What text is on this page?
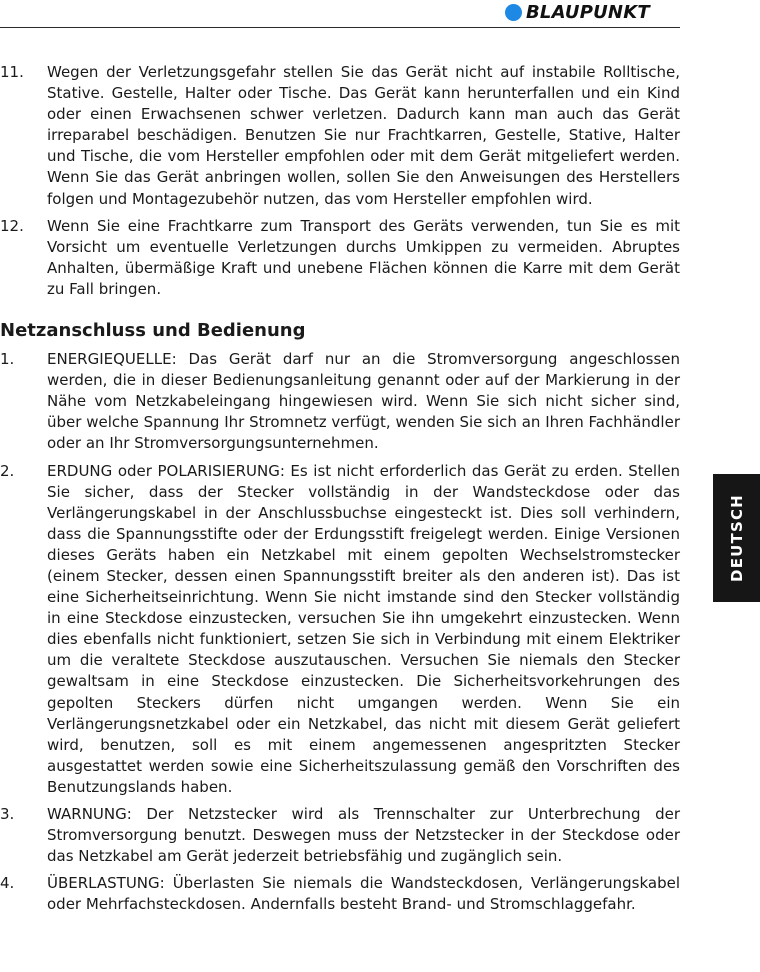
BLAUPUNKT
DEUTSCH
11.	Wegen der Verletzungsgefahr stellen Sie das Gerät nicht auf instabile Rolltische, Stative. Gestelle, Halter oder Tische. Das Gerät kann herunterfallen und ein Kind oder einen Erwachsenen schwer verletzen. Dadurch kann man auch das Gerät irreparabel beschädigen. Benutzen Sie nur Frachtkarren, Gestelle, Stative, Halter und Tische, die vom Hersteller empfohlen oder mit dem Gerät mitgeliefert werden. Wenn Sie das Gerät anbringen wollen, sollen Sie den Anweisungen des Herstellers folgen und Montagezubehör nutzen, das vom Hersteller empfohlen wird.
12.	Wenn Sie eine Frachtkarre zum Transport des Geräts verwenden, tun Sie es mit Vorsicht um eventuelle Verletzungen durchs Umkippen zu vermeiden. Abruptes Anhalten, übermäßige Kraft und unebene Flächen können die Karre mit dem Gerät zu Fall bringen.
Netzanschluss und Bedienung
1.	ENERGIEQUELLE: Das Gerät darf nur an die Stromversorgung angeschlossen werden, die in dieser Bedienungsanleitung genannt oder auf der Markierung in der Nähe vom Netzkabeleingang hingewiesen wird. Wenn Sie sich nicht sicher sind, über welche Spannung Ihr Stromnetz verfügt, wenden Sie sich an Ihren Fachhändler oder an Ihr Stromversorgungsunternehmen.
2.	ERDUNG oder POLARISIERUNG: Es ist nicht erforderlich das Gerät zu erden. Stellen Sie sicher, dass der Stecker vollständig in der Wandsteckdose oder das Verlängerungskabel in der Anschlussbuchse eingesteckt ist. Dies soll verhindern, dass die Spannungsstifte oder der Erdungsstift freigelegt werden. Einige Versionen dieses Geräts haben ein Netzkabel mit einem gepolten Wechselstromstecker (einem Stecker, dessen einen Spannungsstift breiter als den anderen ist). Das ist eine Sicherheitseinrichtung. Wenn Sie nicht imstande sind den Stecker vollständig in eine Steckdose einzustecken, versuchen Sie ihn umgekehrt einzustecken. Wenn dies ebenfalls nicht funktioniert, setzen Sie sich in Verbindung mit einem Elektriker um die veraltete Steckdose auszutauschen. Versuchen Sie niemals den Stecker gewaltsam in eine Steckdose einzustecken. Die Sicherheitsvorkehrungen des gepolten Steckers dürfen nicht umgangen werden. Wenn Sie ein Verlängerungsnetzkabel oder ein Netzkabel, das nicht mit diesem Gerät geliefert wird, benutzen, soll es mit einem angemessenen angespritzten Stecker ausgestattet werden sowie eine Sicherheitszulassung gemäß den Vorschriften des Benutzungslands haben.
3.	WARNUNG: Der Netzstecker wird als Trennschalter zur Unterbrechung der Stromversorgung benutzt. Deswegen muss der Netzstecker in der Steckdose oder das Netzkabel am Gerät jederzeit betriebsfähig und zugänglich sein.
4.	ÜBERLASTUNG: Überlasten Sie niemals die Wandsteckdosen, Verlängerungskabel oder Mehrfachsteckdosen. Andernfalls besteht Brand- und Stromschlaggefahr.
